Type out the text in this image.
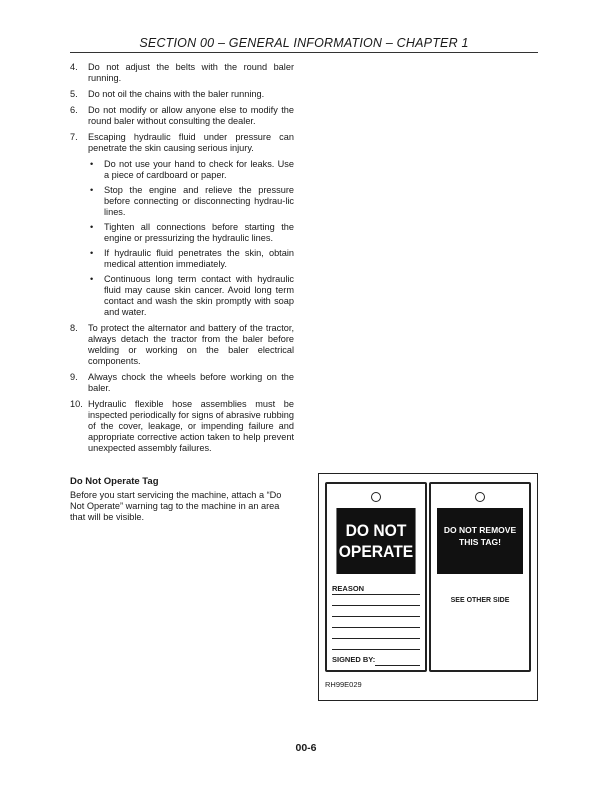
SECTION 00 – GENERAL INFORMATION – CHAPTER 1
4. Do not adjust the belts with the round baler running.
5. Do not oil the chains with the baler running.
6. Do not modify or allow anyone else to modify the round baler without consulting the dealer.
7. Escaping hydraulic fluid under pressure can penetrate the skin causing serious injury.
• Do not use your hand to check for leaks. Use a piece of cardboard or paper.
• Stop the engine and relieve the pressure before connecting or disconnecting hydrau-lic lines.
• Tighten all connections before starting the engine or pressurizing the hydraulic lines.
• If hydraulic fluid penetrates the skin, obtain medical attention immediately.
• Continuous long term contact with hydraulic fluid may cause skin cancer. Avoid long term contact and wash the skin promptly with soap and water.
8. To protect the alternator and battery of the tractor, always detach the tractor from the baler before welding or working on the baler electrical components.
9. Always chock the wheels before working on the baler.
10. Hydraulic flexible hose assemblies must be inspected periodically for signs of abrasive rubbing of the cover, leakage, or impending failure and appropriate corrective action taken to help prevent unexpected assembly failures.
Do Not Operate Tag
Before you start servicing the machine, attach a “Do Not Operate” warning tag to the machine in an area that will be visible.
DO NOT
OPERATE
REASON
SIGNED BY:
DO NOT REMOVE
THIS TAG!
SEE OTHER SIDE
RH99E029
00-6
